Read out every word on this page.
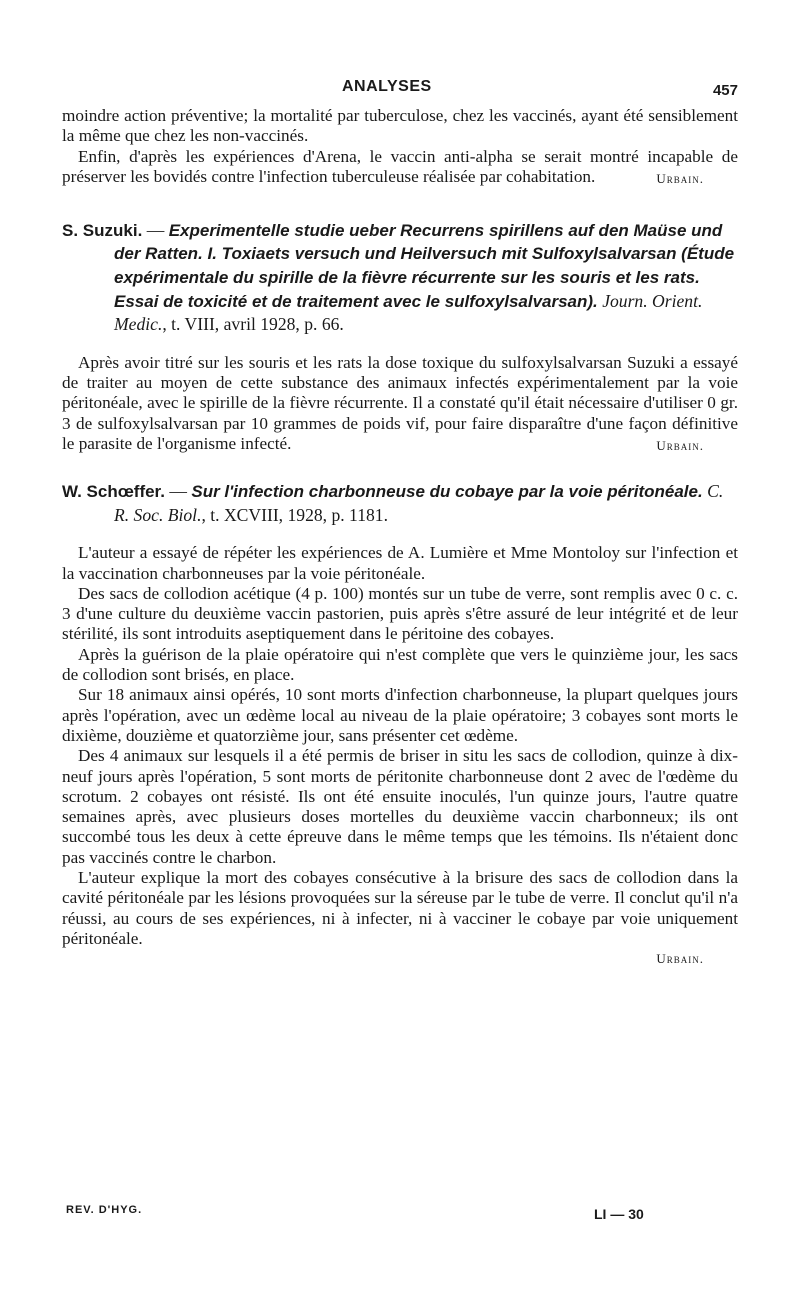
ANALYSES	457

moindre action préventive; la mortalité par tuberculose, chez les vaccinés, ayant été sensiblement la même que chez les non-vaccinés.

Enfin, d'après les expériences d'Arena, le vaccin anti-alpha se serait montré incapable de préserver les bovidés contre l'infection tuberculeuse réalisée par cohabitation.	Urbain.

S. Suzuki. — Experimentelle studie ueber Recurrens spirillens auf den Maüse und der Ratten. I. Toxiaets versuch und Heilversuch mit Sulfoxylsalvarsan (Étude expérimentale du spirille de la fièvre récurrente sur les souris et les rats. Essai de toxicité et de traitement avec le sulfoxylsalvarsan). Journ. Orient. Medic., t. VIII, avril 1928, p. 66.

Après avoir titré sur les souris et les rats la dose toxique du sulfoxylsalvarsan Suzuki a essayé de traiter au moyen de cette substance des animaux infectés expérimentalement par la voie péritonéale, avec le spirille de la fièvre récurrente. Il a constaté qu'il était nécessaire d'utiliser 0 gr. 3 de sulfoxylsalvarsan par 10 grammes de poids vif, pour faire disparaître d'une façon définitive le parasite de l'organisme infecté.	Urbain.

W. Schœffer. — Sur l'infection charbonneuse du cobaye par la voie péritonéale. C. R. Soc. Biol., t. XCVIII, 1928, p. 1181.

L'auteur a essayé de répéter les expériences de A. Lumière et Mme Montoloy sur l'infection et la vaccination charbonneuses par la voie péritonéale.

Des sacs de collodion acétique (4 p. 100) montés sur un tube de verre, sont remplis avec 0 c. c. 3 d'une culture du deuxième vaccin pastorien, puis après s'être assuré de leur intégrité et de leur stérilité, ils sont introduits aseptiquement dans le péritoine des cobayes.

Après la guérison de la plaie opératoire qui n'est complète que vers le quinzième jour, les sacs de collodion sont brisés, en place.

Sur 18 animaux ainsi opérés, 10 sont morts d'infection charbonneuse, la plupart quelques jours après l'opération, avec un œdème local au niveau de la plaie opératoire; 3 cobayes sont morts le dixième, douzième et quatorzième jour, sans présenter cet œdème.

Des 4 animaux sur lesquels il a été permis de briser in situ les sacs de collodion, quinze à dix-neuf jours après l'opération, 5 sont morts de péritonite charbonneuse dont 2 avec de l'œdème du scrotum. 2 cobayes ont résisté. Ils ont été ensuite inoculés, l'un quinze jours, l'autre quatre semaines après, avec plusieurs doses mortelles du deuxième vaccin charbonneux; ils ont succombé tous les deux à cette épreuve dans le même temps que les témoins. Ils n'étaient donc pas vaccinés contre le charbon.

L'auteur explique la mort des cobayes consécutive à la brisure des sacs de collodion dans la cavité péritonéale par les lésions provoquées sur la séreuse par le tube de verre. Il conclut qu'il n'a réussi, au cours de ses expériences, ni à infecter, ni à vacciner le cobaye par voie uniquement péritonéale.

Urbain.
REV. D'HYG.	LI — 30
